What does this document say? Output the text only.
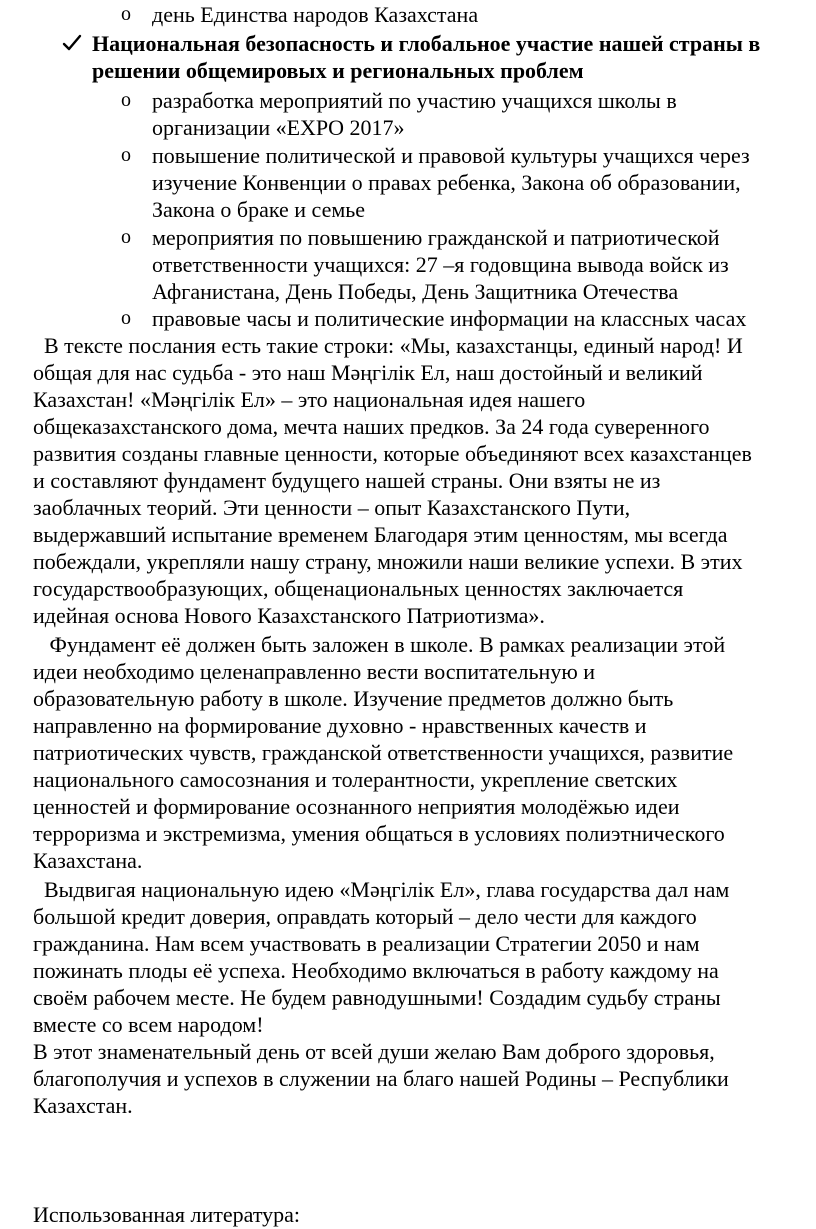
o день Единства народов Казахстана
Национальная безопасность и глобальное участие нашей страны в
решении общемировых и региональных проблем
o разработка мероприятий по участию учащихся школы в
организации «EXPO 2017»
o повышение политической и правовой культуры учащихся через
изучение Конвенции о правах ребенка, Закона об образовании,
Закона о браке и семье
o мероприятия по повышению гражданской и патриотической
ответственности учащихся: 27 –я годовщина вывода войск из
Афганистана, День Победы, День Защитника Отечества
o правовые часы и политические информации на классных часах
В тексте послания есть такие строки: «Мы, казахстанцы, единый народ! И
общая для нас судьба - это наш Мәңгілік Ел, наш достойный и великий
Казахстан! «Мәңгілік Ел» – это национальная идея нашего
общеказахстанского дома, мечта наших предков. За 24 года суверенного
развития созданы главные ценности, которые объединяют всех казахстанцев
и составляют фундамент будущего нашей страны. Они взяты не из
заоблачных теорий. Эти ценности – опыт Казахстанского Пути,
выдержавший испытание временем Благодаря этим ценностям, мы всегда
побеждали, укрепляли нашу страну, множили наши великие успехи. В этих
государствообразующих, общенациональных ценностях заключается
идейная основа Нового Казахстанского Патриотизма».
Фундамент её должен быть заложен в школе. В рамках реализации этой
идеи необходимо целенаправленно вести воспитательную и
образовательную работу в школе. Изучение предметов должно быть
направленно на формирование духовно - нравственных качеств и
патриотических чувств, гражданской ответственности учащихся, развитие
национального самосознания и толерантности, укрепление светских
ценностей и формирование осознанного неприятия молодёжью идеи
терроризма и экстремизма, умения общаться в условиях полиэтнического
Казахстана.
Выдвигая национальную идею «Мәңгілік Ел», глава государства дал нам
большой кредит доверия, оправдать который – дело чести для каждого
гражданина. Нам всем участвовать в реализации Стратегии 2050 и нам
пожинать плоды её успеха. Необходимо включаться в работу каждому на
своём рабочем месте. Не будем равнодушными! Создадим судьбу страны
вместе со всем народом!
В этот знаменательный день от всей души желаю Вам доброго здоровья,
благополучия и успехов в служении на благо нашей Родины – Республики
Казахстан.
Использованная литература:
